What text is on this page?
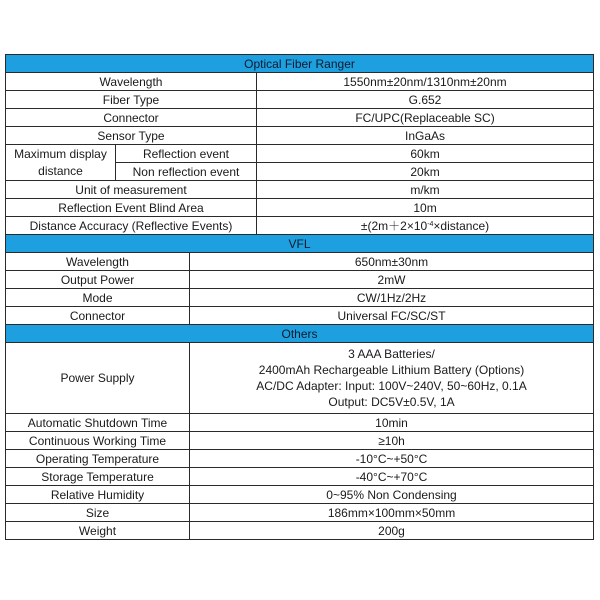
Optical Fiber Ranger			
Wavelength			1550nm±20nm/1310nm±20nm
Fiber Type			G.652
Connector			FC/UPC(Replaceable SC)
Sensor Type			InGaAs
Maximum display distance	Reflection event		60km
	Non reflection event		20km
Unit of measurement			m/km
Reflection Event Blind Area			10m
Distance Accuracy (Reflective Events)			$\pm(2m+2\times 10^{-4}\times distance)$
VFL			
Wavelength		650nm±30nm	
Output Power		2mW	
Mode		CW/1Hz/2Hz	
Connector		Universal FC/SC/ST	
Others			
Power Supply		3 AAA Batteries/
2400mAh Rechargeable Lithium Battery (Options)
AC/DC Adapter: Input: 100V~240V, 50~60Hz, 0.1A
Output: DC5V±0.5V, 1A	

Automatic Shutdown Time		10min	
Continuous Working Time		≥10h	
Operating Temperature		-10°C~+50°C	
Storage Temperature		-40°C~+70°C	
Relative Humidity		0~95% Non Condensing	
Size		186mm×100mm×50mm	
Weight		200g	
